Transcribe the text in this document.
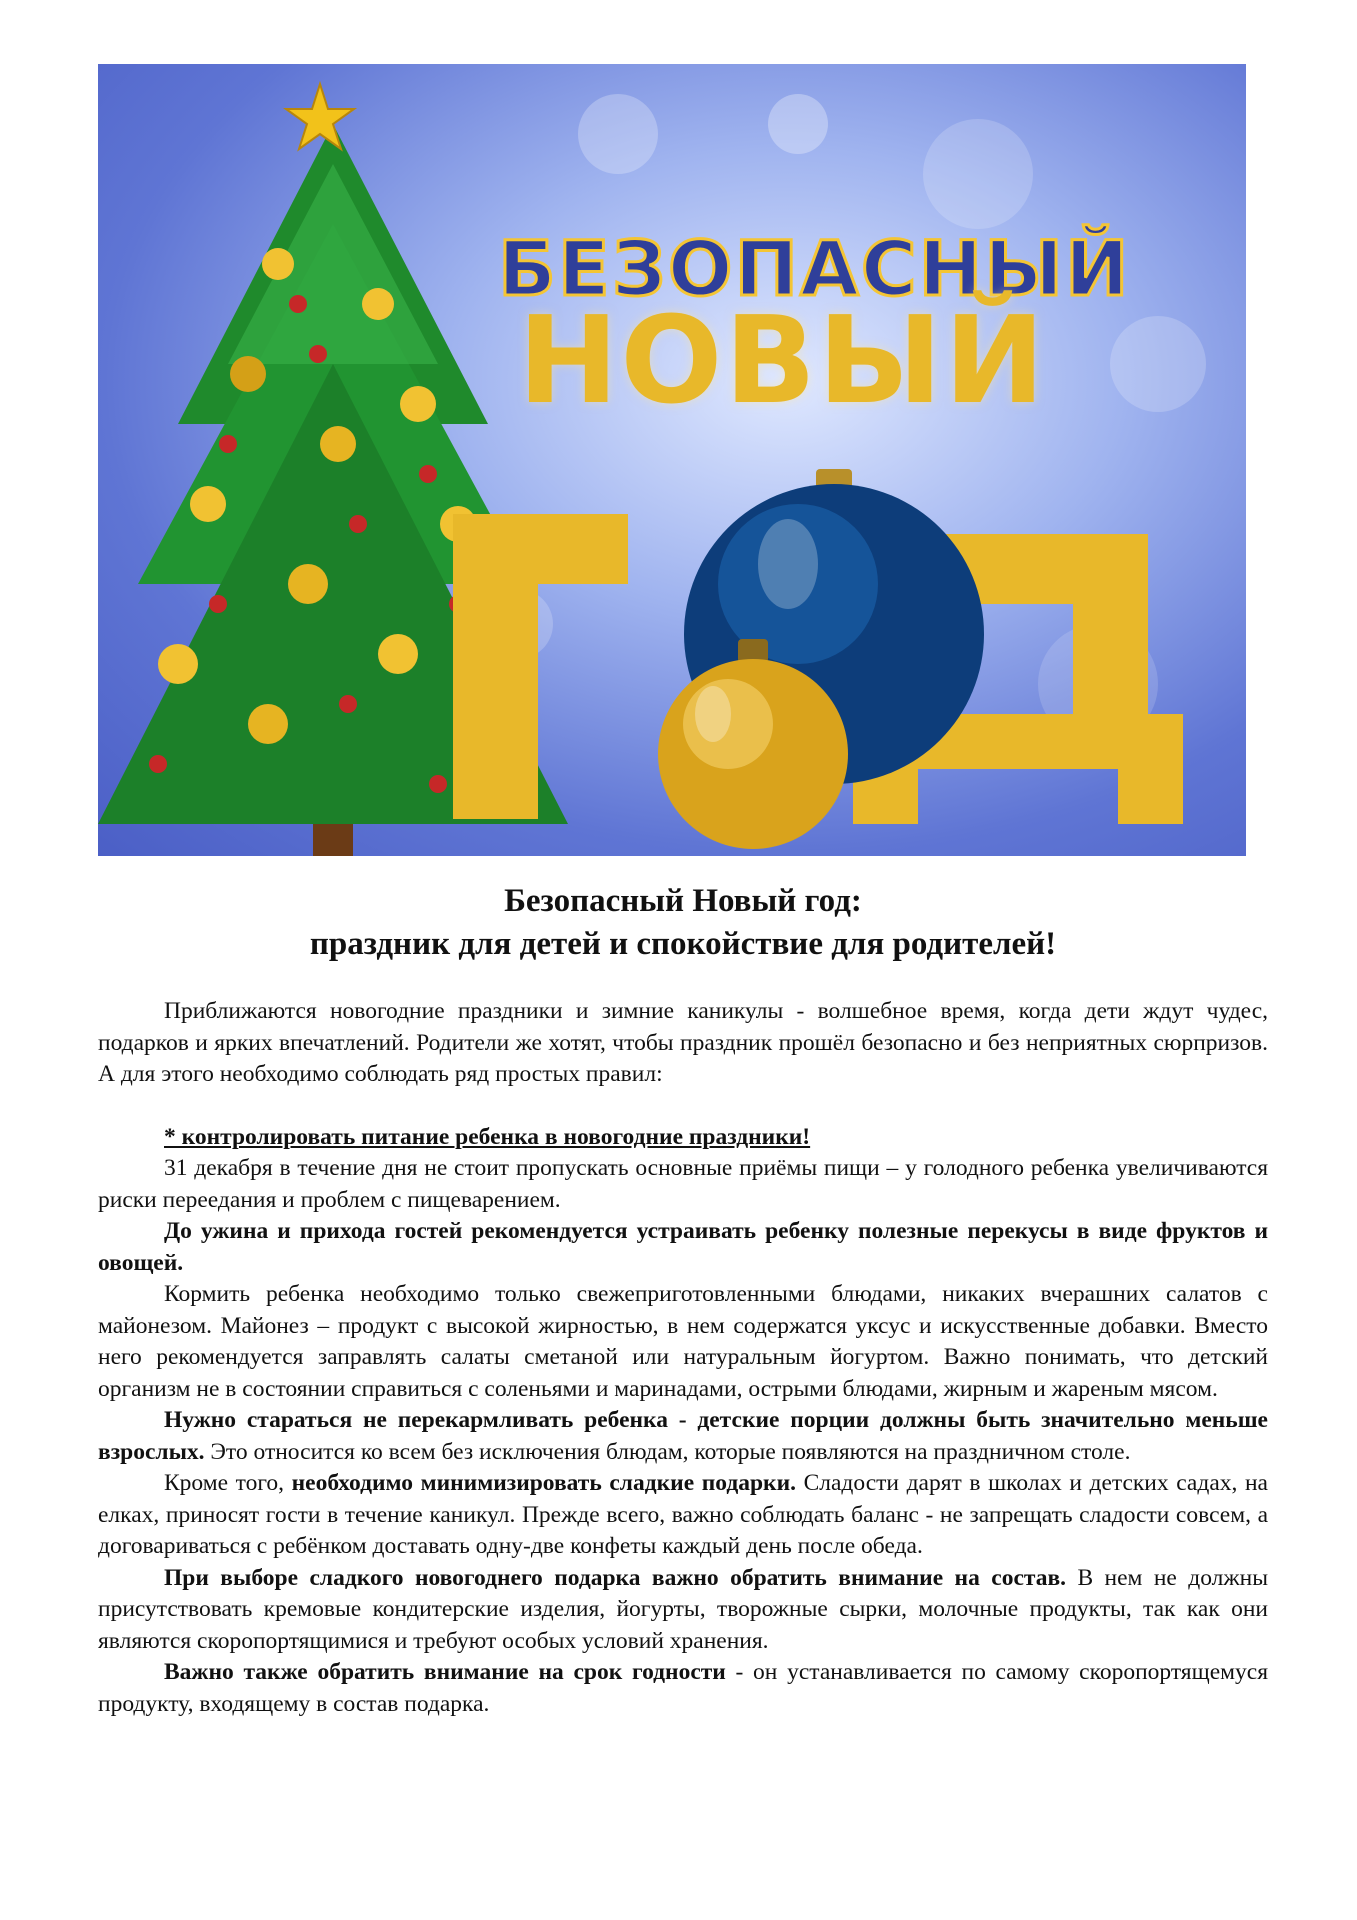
БЕЗОПАСНЫЙ
НОВЫЙ
Безопасный Новый год:
праздник для детей и спокойствие для родителей!

Приближаются новогодние праздники и зимние каникулы - волшебное время, когда дети ждут чудес, подарков и ярких впечатлений. Родители же хотят, чтобы праздник прошёл безопасно и без неприятных сюрпризов. А для этого необходимо соблюдать ряд простых правил:

* контролировать питание ребенка в новогодние праздники!

31 декабря в течение дня не стоит пропускать основные приёмы пищи – у голодного ребенка увеличиваются риски переедания и проблем с пищеварением.

До ужина и прихода гостей рекомендуется устраивать ребенку полезные перекусы в виде фруктов и овощей.

Кормить ребенка необходимо только свежеприготовленными блюдами, никаких вчерашних салатов с майонезом. Майонез – продукт с высокой жирностью, в нем содержатся уксус и искусственные добавки. Вместо него рекомендуется заправлять салаты сметаной или натуральным йогуртом. Важно понимать, что детский организм не в состоянии справиться с соленьями и маринадами, острыми блюдами, жирным и жареным мясом.

Нужно стараться не перекармливать ребенка - детские порции должны быть значительно меньше взрослых. Это относится ко всем без исключения блюдам, которые появляются на праздничном столе.

Кроме того, необходимо минимизировать сладкие подарки. Сладости дарят в школах и детских садах, на елках, приносят гости в течение каникул. Прежде всего, важно соблюдать баланс - не запрещать сладости совсем, а договариваться с ребёнком доставать одну-две конфеты каждый день после обеда.

При выборе сладкого новогоднего подарка важно обратить внимание на состав. В нем не должны присутствовать кремовые кондитерские изделия, йогурты, творожные сырки, молочные продукты, так как они являются скоропортящимися и требуют особых условий хранения.

Важно также обратить внимание на срок годности - он устанавливается по самому скоропортящемуся продукту, входящему в состав подарка.
